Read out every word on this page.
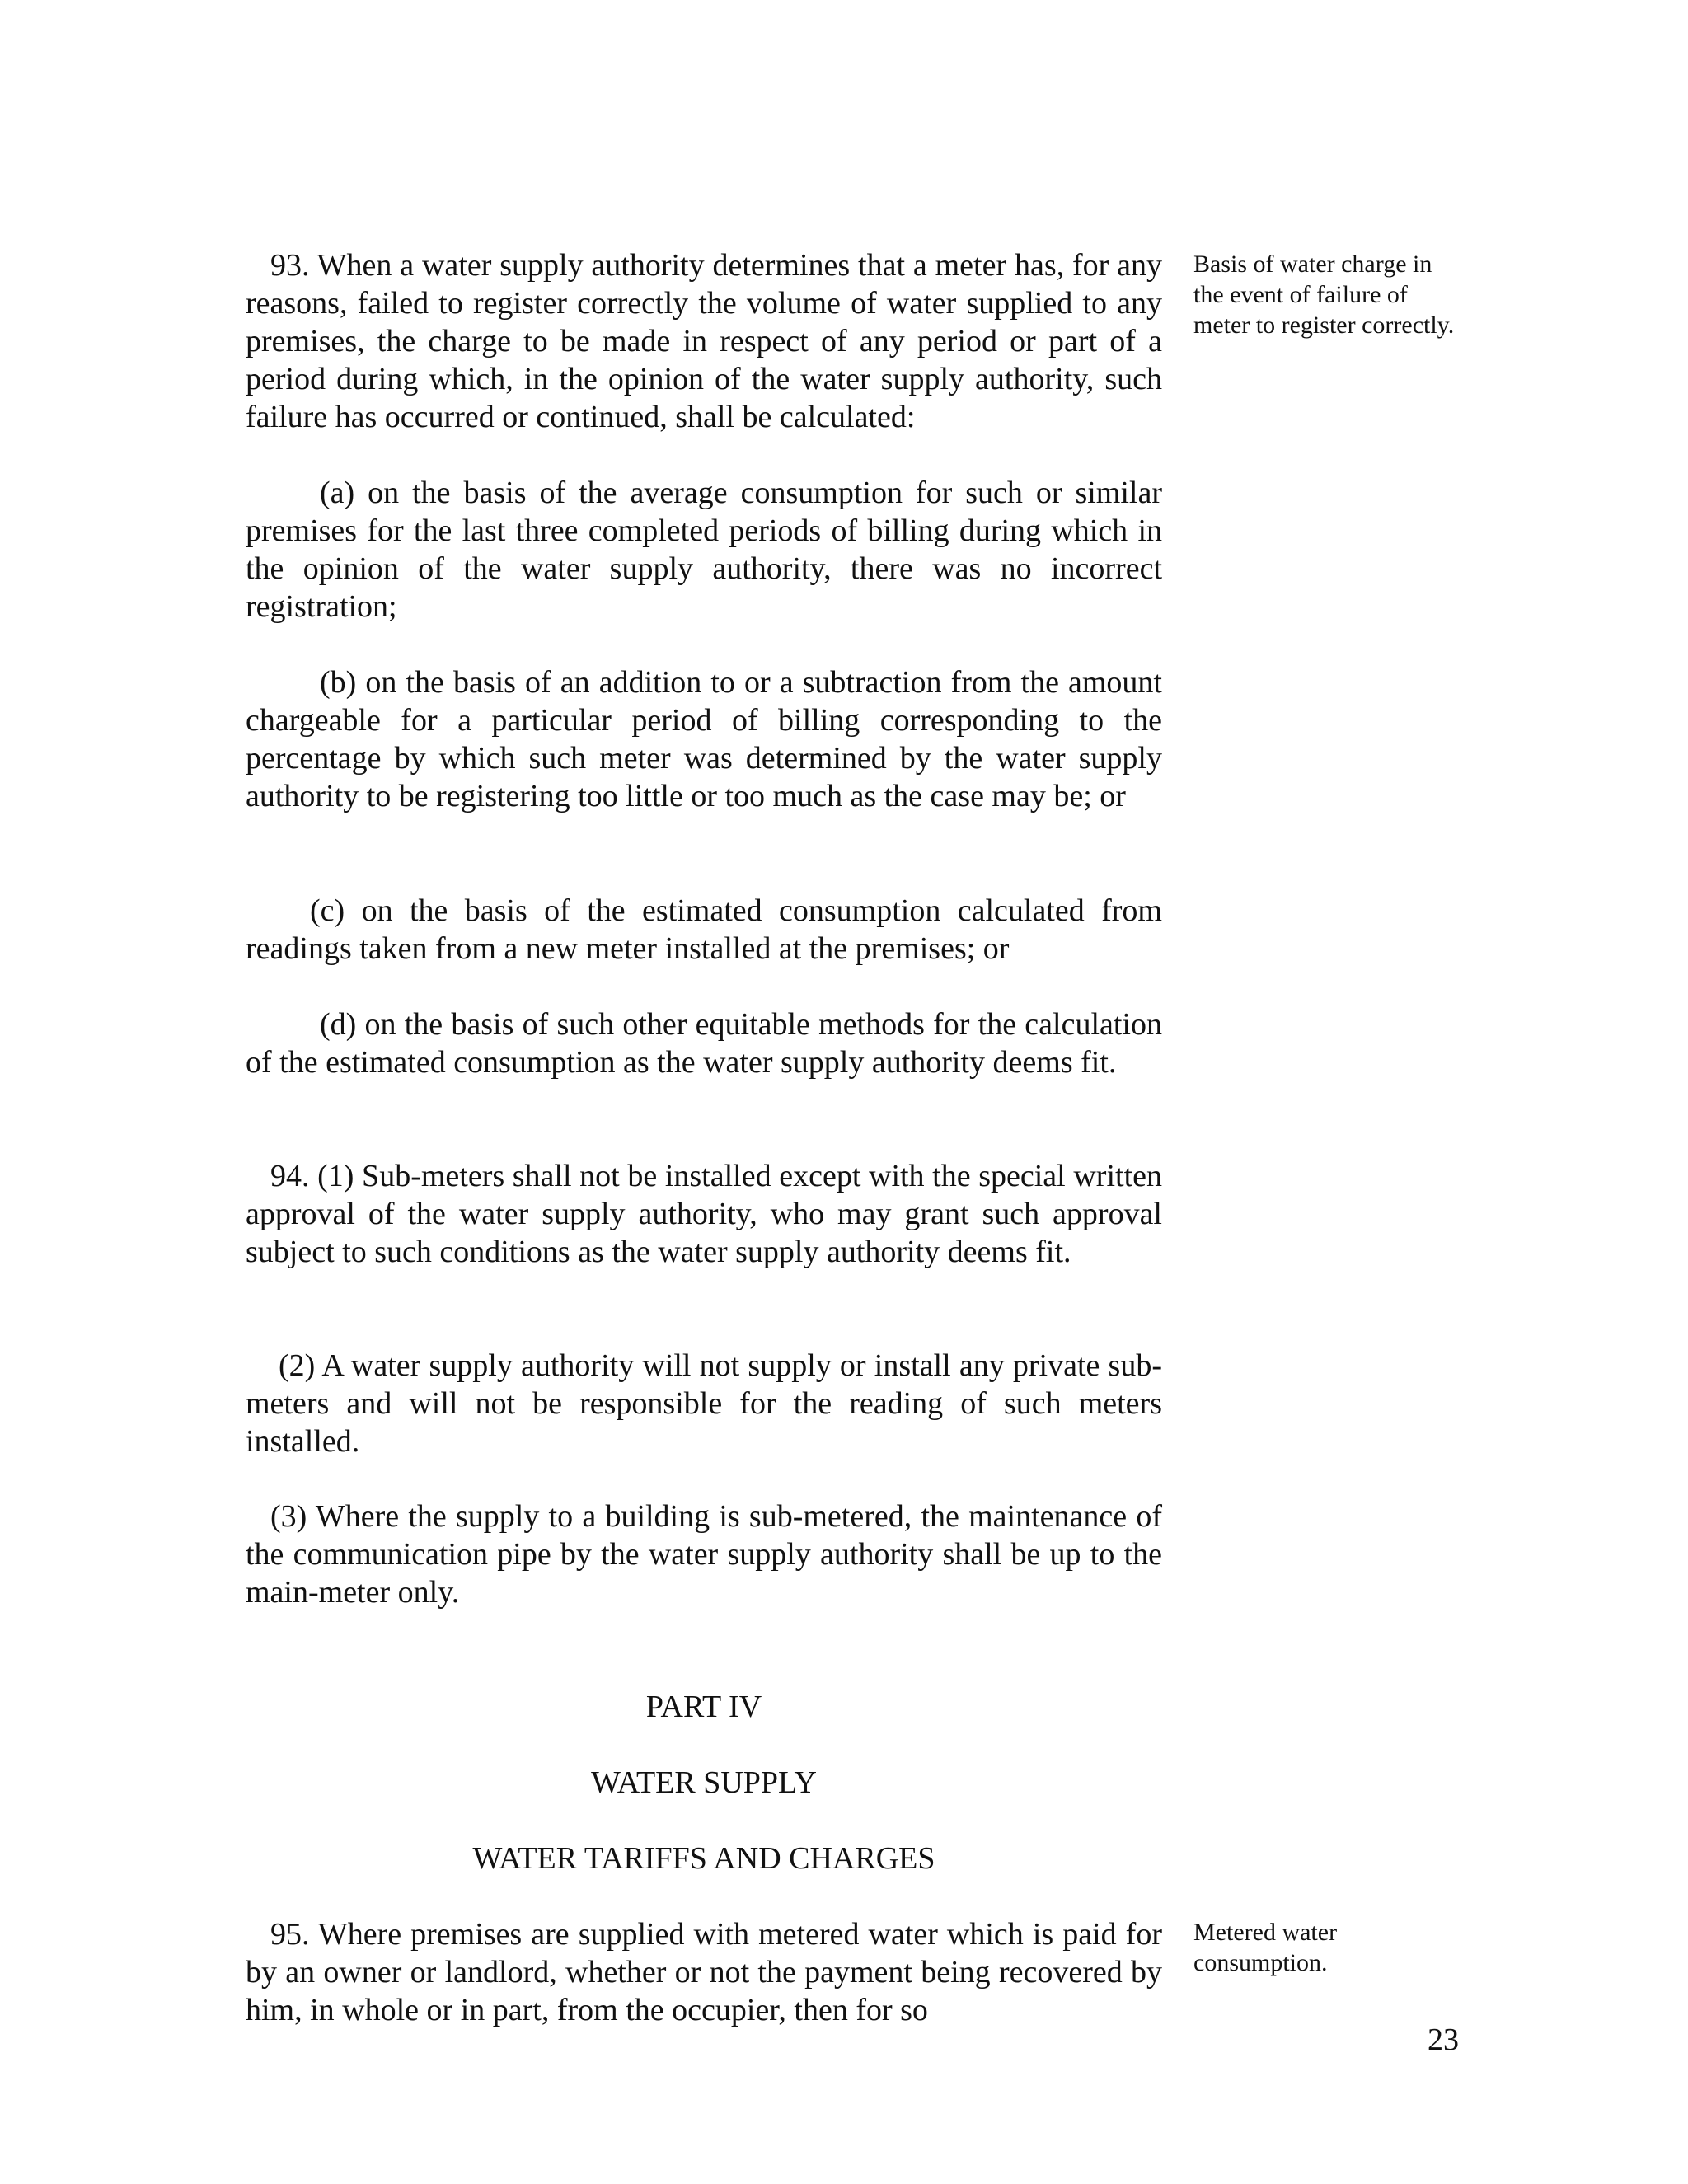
93. When a water supply authority determines that a meter has, for any reasons, failed to register correctly the volume of water supplied to any premises, the charge to be made in respect of any period or part of a period during which, in the opinion of the water supply authority, such failure has occurred or continued, shall be calculated:

Basis of water charge in the event of failure of meter to register correctly.

(a) on the basis of the average consumption for such or similar premises for the last three completed periods of billing during which in the opinion of the water supply authority, there was no incorrect registration;

(b) on the basis of an addition to or a subtraction from the amount chargeable for a particular period of billing corresponding to the percentage by which such meter was determined by the water supply authority to be registering too little or too much as the case may be; or

(c) on the basis of the estimated consumption calculated from readings taken from a new meter installed at the premises; or

(d) on the basis of such other equitable methods for the calculation of the estimated consumption as the water supply authority deems fit.

94. (1) Sub-meters shall not be installed except with the special written approval of the water supply authority, who may grant such approval subject to such conditions as the water supply authority deems fit.

(2) A water supply authority will not supply or install any private sub-meters and will not be responsible for the reading of such meters installed.

(3) Where the supply to a building is sub-metered, the maintenance of the communication pipe by the water supply authority shall be up to the main-meter only.

PART IV

WATER SUPPLY

WATER TARIFFS AND CHARGES

95. Where premises are supplied with metered water which is paid for by an owner or landlord, whether or not the payment being recovered by him, in whole or in part, from the occupier, then for so

Metered water consumption.

23
